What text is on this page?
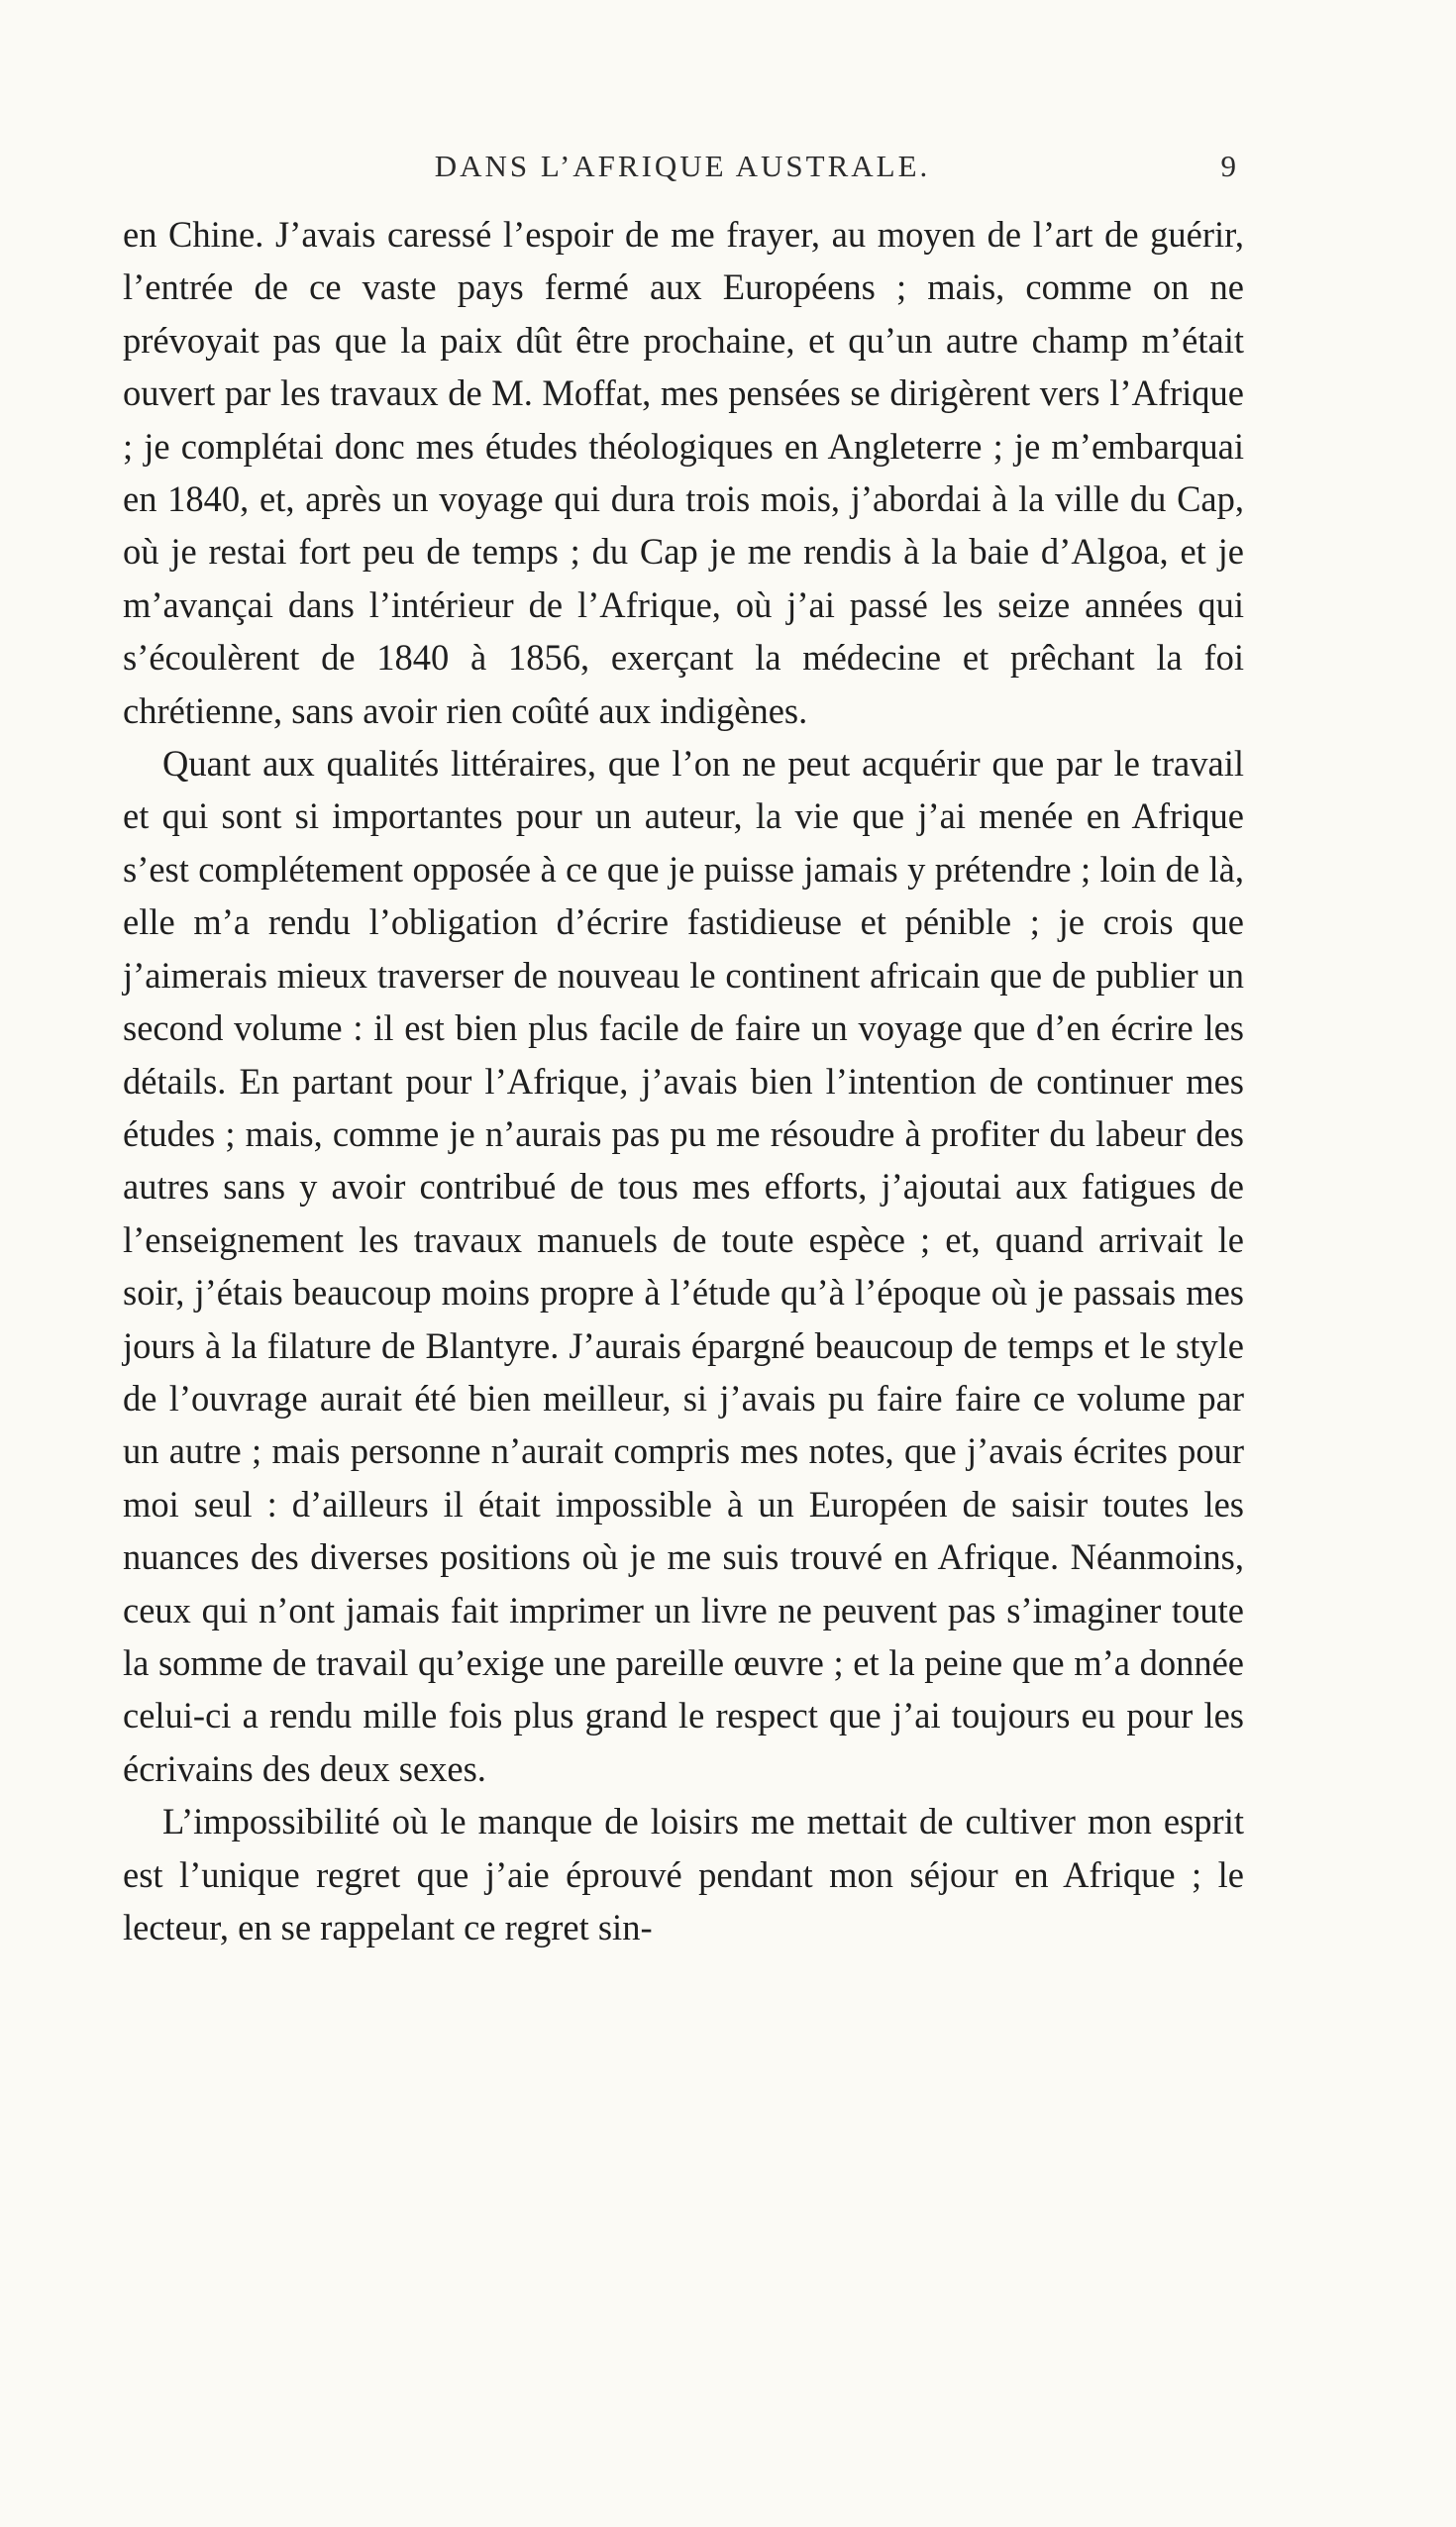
DANS L’AFRIQUE AUSTRALE.	9

en Chine. J’avais caressé l’espoir de me frayer, au moyen de l’art de guérir, l’entrée de ce vaste pays fermé aux Européens ; mais, comme on ne prévoyait pas que la paix dût être prochaine, et qu’un autre champ m’était ouvert par les travaux de M. Moffat, mes pensées se dirigèrent vers l’Afrique ; je complétai donc mes études théologiques en Angleterre ; je m’embarquai en 1840, et, après un voyage qui dura trois mois, j’abordai à la ville du Cap, où je restai fort peu de temps ; du Cap je me rendis à la baie d’Algoa, et je m’avançai dans l’intérieur de l’Afrique, où j’ai passé les seize années qui s’écoulèrent de 1840 à 1856, exerçant la médecine et prêchant la foi chrétienne, sans avoir rien coûté aux indigènes.

Quant aux qualités littéraires, que l’on ne peut acquérir que par le travail et qui sont si importantes pour un auteur, la vie que j’ai menée en Afrique s’est complétement opposée à ce que je puisse jamais y prétendre ; loin de là, elle m’a rendu l’obligation d’écrire fastidieuse et pénible ; je crois que j’aimerais mieux traverser de nouveau le continent africain que de publier un second volume : il est bien plus facile de faire un voyage que d’en écrire les détails. En partant pour l’Afrique, j’avais bien l’intention de continuer mes études ; mais, comme je n’aurais pas pu me résoudre à profiter du labeur des autres sans y avoir contribué de tous mes efforts, j’ajoutai aux fatigues de l’enseignement les travaux manuels de toute espèce ; et, quand arrivait le soir, j’étais beaucoup moins propre à l’étude qu’à l’époque où je passais mes jours à la filature de Blantyre. J’aurais épargné beaucoup de temps et le style de l’ouvrage aurait été bien meilleur, si j’avais pu faire faire ce volume par un autre ; mais personne n’aurait compris mes notes, que j’avais écrites pour moi seul : d’ailleurs il était impossible à un Européen de saisir toutes les nuances des diverses positions où je me suis trouvé en Afrique. Néanmoins, ceux qui n’ont jamais fait imprimer un livre ne peuvent pas s’imaginer toute la somme de travail qu’exige une pareille œuvre ; et la peine que m’a donnée celui-ci a rendu mille fois plus grand le respect que j’ai toujours eu pour les écrivains des deux sexes.

L’impossibilité où le manque de loisirs me mettait de cultiver mon esprit est l’unique regret que j’aie éprouvé pendant mon séjour en Afrique ; le lecteur, en se rappelant ce regret sin-
